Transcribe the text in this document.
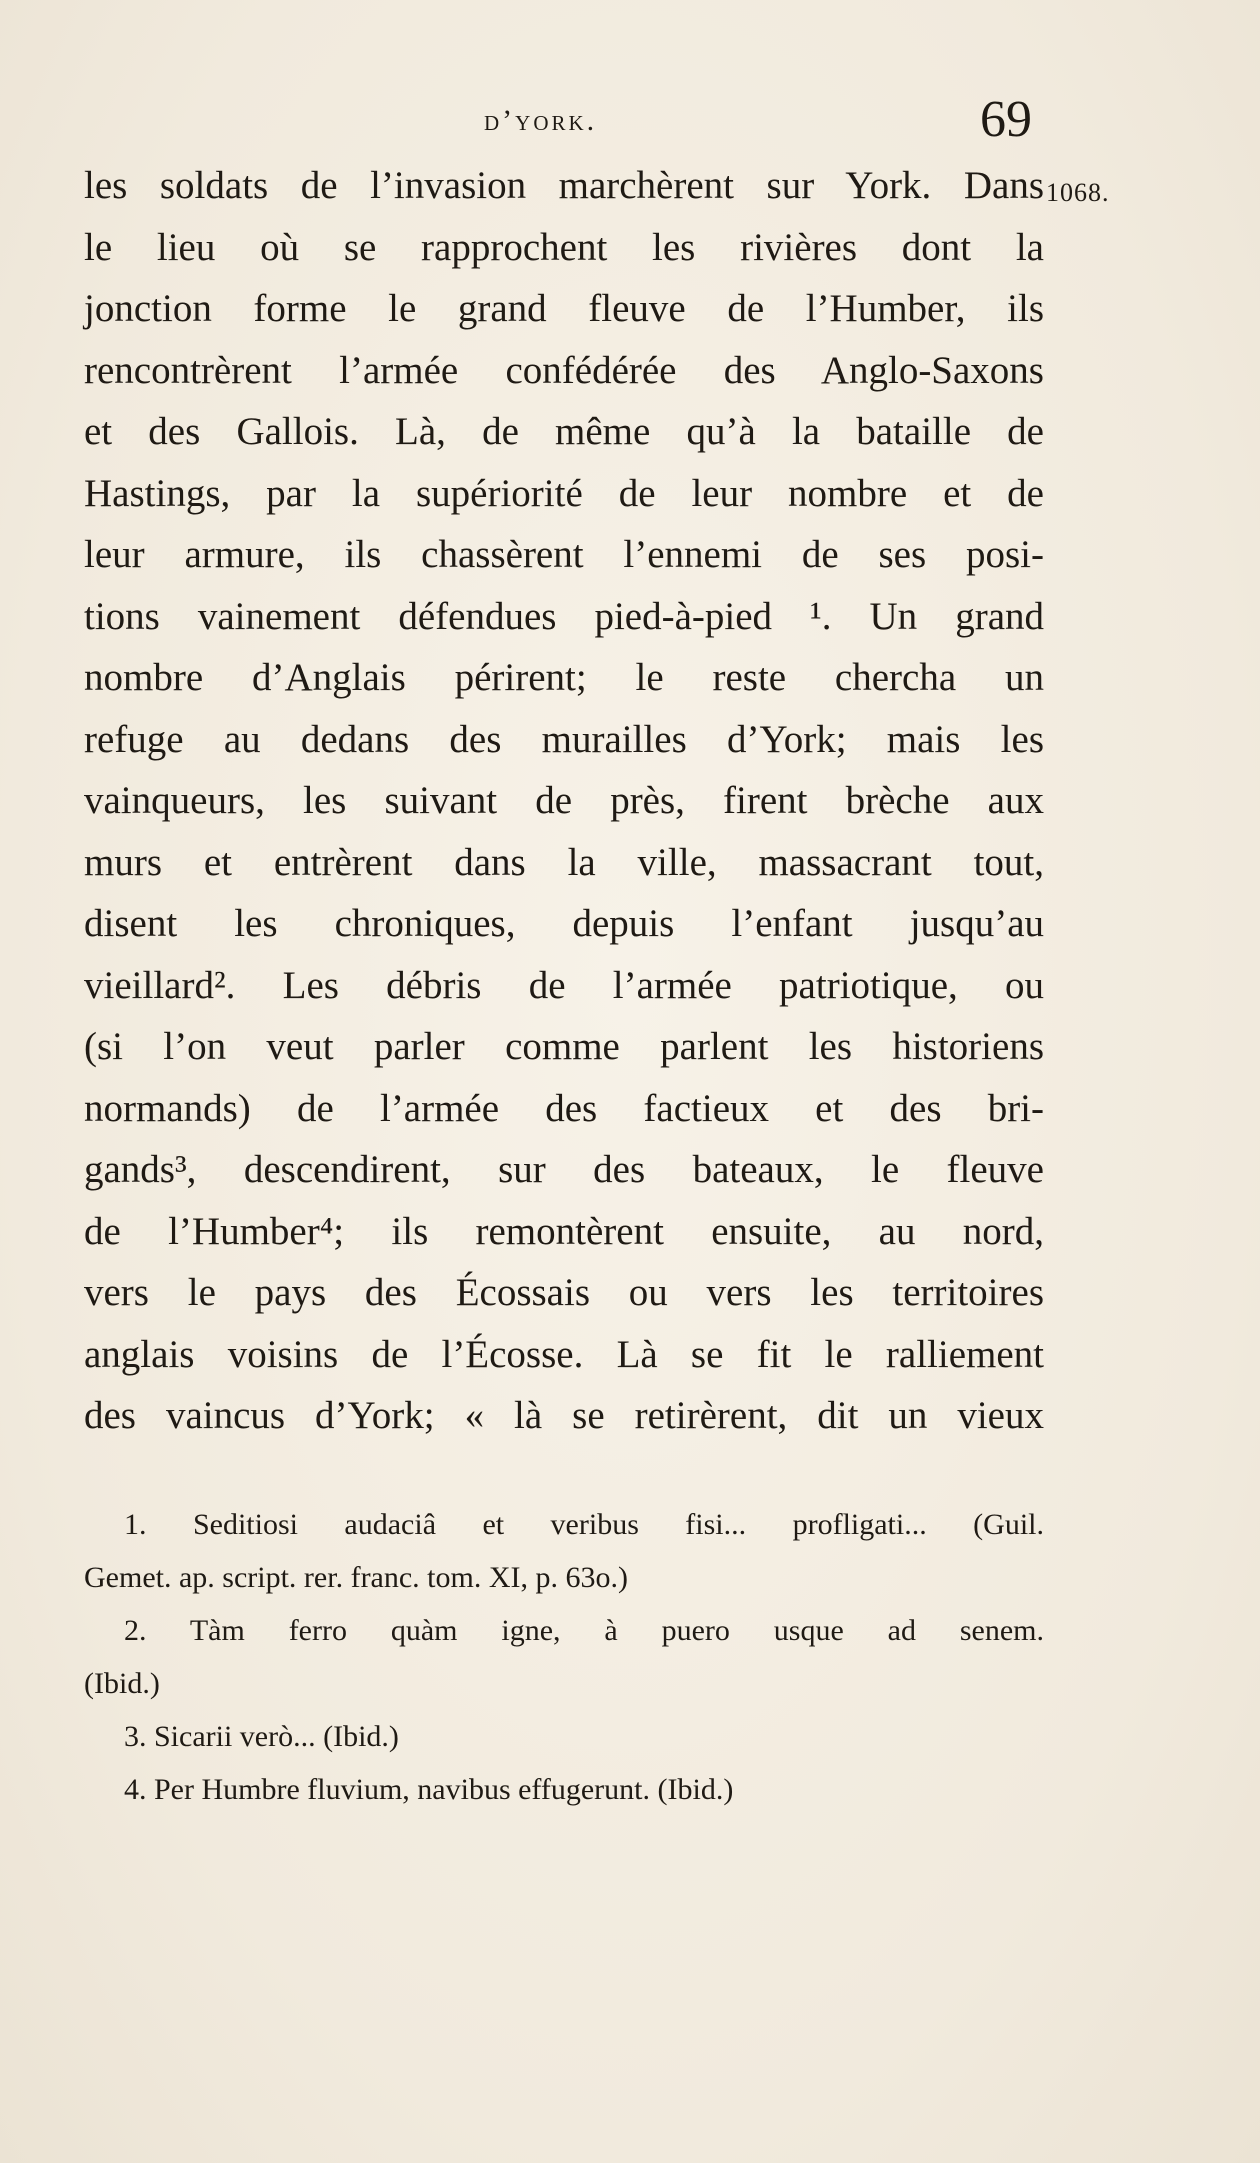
d’york.	69
1068.
les soldats de l’invasion marchèrent sur York. Dans
le lieu où se rapprochent les rivières dont la
jonction forme le grand fleuve de l’Humber, ils
rencontrèrent l’armée confédérée des Anglo-Saxons
et des Gallois. Là, de même qu’à la bataille de
Hastings, par la supériorité de leur nombre et de
leur armure, ils chassèrent l’ennemi de ses posi-
tions vainement défendues pied-à-pied ¹. Un grand
nombre d’Anglais périrent; le reste chercha un
refuge au dedans des murailles d’York; mais les
vainqueurs, les suivant de près, firent brèche aux
murs et entrèrent dans la ville, massacrant tout,
disent les chroniques, depuis l’enfant jusqu’au
vieillard². Les débris de l’armée patriotique, ou
(si l’on veut parler comme parlent les historiens
normands) de l’armée des factieux et des bri-
gands³, descendirent, sur des bateaux, le fleuve
de l’Humber⁴; ils remontèrent ensuite, au nord,
vers le pays des Écossais ou vers les territoires
anglais voisins de l’Écosse. Là se fit le ralliement
des vaincus d’York; « là se retirèrent, dit un vieux
1. Seditiosi audaciâ et veribus fisi... profligati... (Guil.
Gemet. ap. script. rer. franc. tom. XI, p. 63o.)
2. Tàm ferro quàm igne, à puero usque ad senem.
(Ibid.)
3. Sicarii verò... (Ibid.)
4. Per Humbre fluvium, navibus effugerunt. (Ibid.)
